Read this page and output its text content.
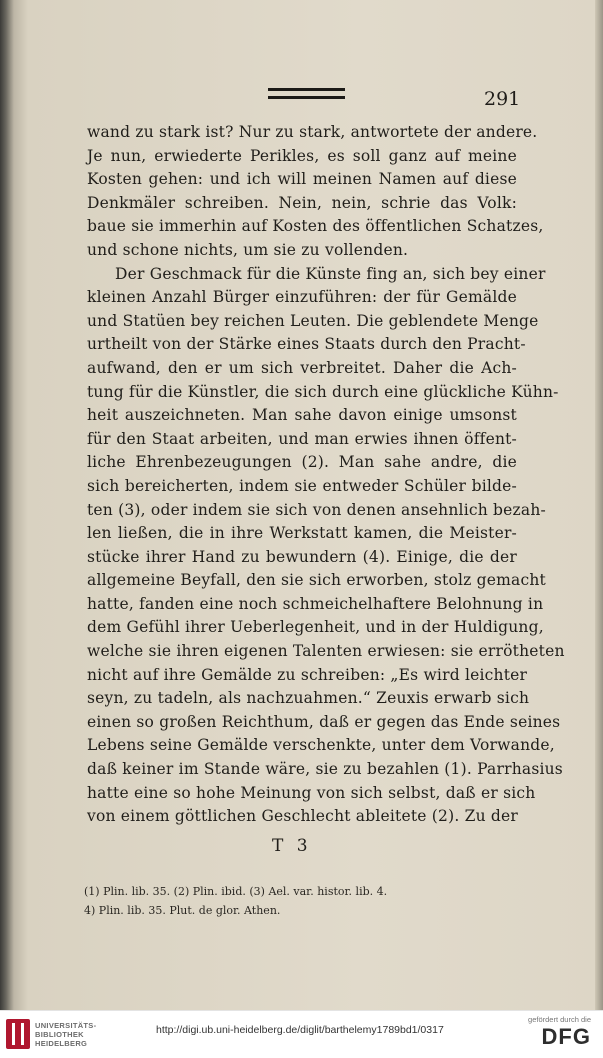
291
wand zu stark ist? Nur zu stark, antwortete der andere.
Je nun, erwiederte Perikles, es soll ganz auf meine
Kosten gehen: und ich will meinen Namen auf diese
Denkmäler schreiben. Nein, nein, schrie das Volk:
baue sie immerhin auf Kosten des öffentlichen Schatzes,
und schone nichts, um sie zu vollenden.
Der Geschmack für die Künste fing an, sich bey einer
kleinen Anzahl Bürger einzuführen: der für Gemälde
und Statüen bey reichen Leuten. Die geblendete Menge
urtheilt von der Stärke eines Staats durch den Pracht-
aufwand, den er um sich verbreitet. Daher die Ach-
tung für die Künstler, die sich durch eine glückliche Kühn-
heit auszeichneten. Man sahe davon einige umsonst
für den Staat arbeiten, und man erwies ihnen öffent-
liche Ehrenbezeugungen (2). Man sahe andre, die
sich bereicherten, indem sie entweder Schüler bilde-
ten (3), oder indem sie sich von denen ansehnlich bezah-
len ließen, die in ihre Werkstatt kamen, die Meister-
stücke ihrer Hand zu bewundern (4). Einige, die der
allgemeine Beyfall, den sie sich erworben, stolz gemacht
hatte, fanden eine noch schmeichelhaftere Belohnung in
dem Gefühl ihrer Ueberlegenheit, und in der Huldigung,
welche sie ihren eigenen Talenten erwiesen: sie errötheten
nicht auf ihre Gemälde zu schreiben: „Es wird leichter
seyn, zu tadeln, als nachzuahmen.“ Zeuxis erwarb sich
einen so großen Reichthum, daß er gegen das Ende seines
Lebens seine Gemälde verschenkte, unter dem Vorwande,
daß keiner im Stande wäre, sie zu bezahlen (1). Parrhasius
hatte eine so hohe Meinung von sich selbst, daß er sich
von einem göttlichen Geschlecht ableitete (2). Zu der
T 3
(1) Plin. lib. 35. (2) Plin. ibid. (3) Ael. var. histor. lib. 4.
4) Plin. lib. 35. Plut. de glor. Athen.
UNIVERSITÄTS-
BIBLIOTHEK
HEIDELBERG
http://digi.ub.uni-heidelberg.de/diglit/barthelemy1789bd1/0317
gefördert durch die
DFG
